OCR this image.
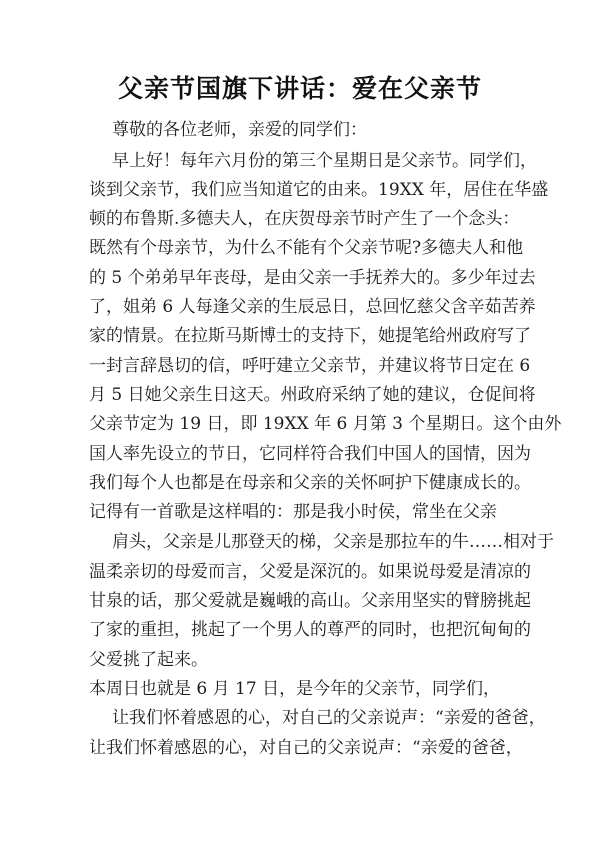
父亲节国旗下讲话：爱在父亲节

尊敬的各位老师，亲爱的同学们：

早上好！每年六月份的第三个星期日是父亲节。同学们，

谈到父亲节，我们应当知道它的由来。19XX 年，居住在华盛

顿的布鲁斯.多德夫人，在庆贺母亲节时产生了一个念头：

既然有个母亲节，为什么不能有个父亲节呢?多德夫人和他

的 5 个弟弟早年丧母，是由父亲一手抚养大的。多少年过去

了，姐弟 6 人每逢父亲的生辰忌日，总回忆慈父含辛茹苦养

家的情景。在拉斯马斯博士的支持下，她提笔给州政府写了

一封言辞恳切的信，呼吁建立父亲节，并建议将节日定在 6

月 5 日她父亲生日这天。州政府采纳了她的建议，仓促间将

父亲节定为 19 日，即 19XX 年 6 月第 3 个星期日。这个由外

国人率先设立的节日，它同样符合我们中国人的国情，因为

我们每个人也都是在母亲和父亲的关怀呵护下健康成长的。

记得有一首歌是这样唱的：那是我小时侯，常坐在父亲

肩头，父亲是儿那登天的梯，父亲是那拉车的牛……相对于

温柔亲切的母爱而言，父爱是深沉的。如果说母爱是清凉的

甘泉的话，那父爱就是巍峨的高山。父亲用坚实的臂膀挑起

了家的重担，挑起了一个男人的尊严的同时，也把沉甸甸的

父爱挑了起来。

本周日也就是 6 月 17 日，是今年的父亲节，同学们，

让我们怀着感恩的心，对自己的父亲说声：“亲爱的爸爸，

让我们怀着感恩的心，对自己的父亲说声：“亲爱的爸爸，
